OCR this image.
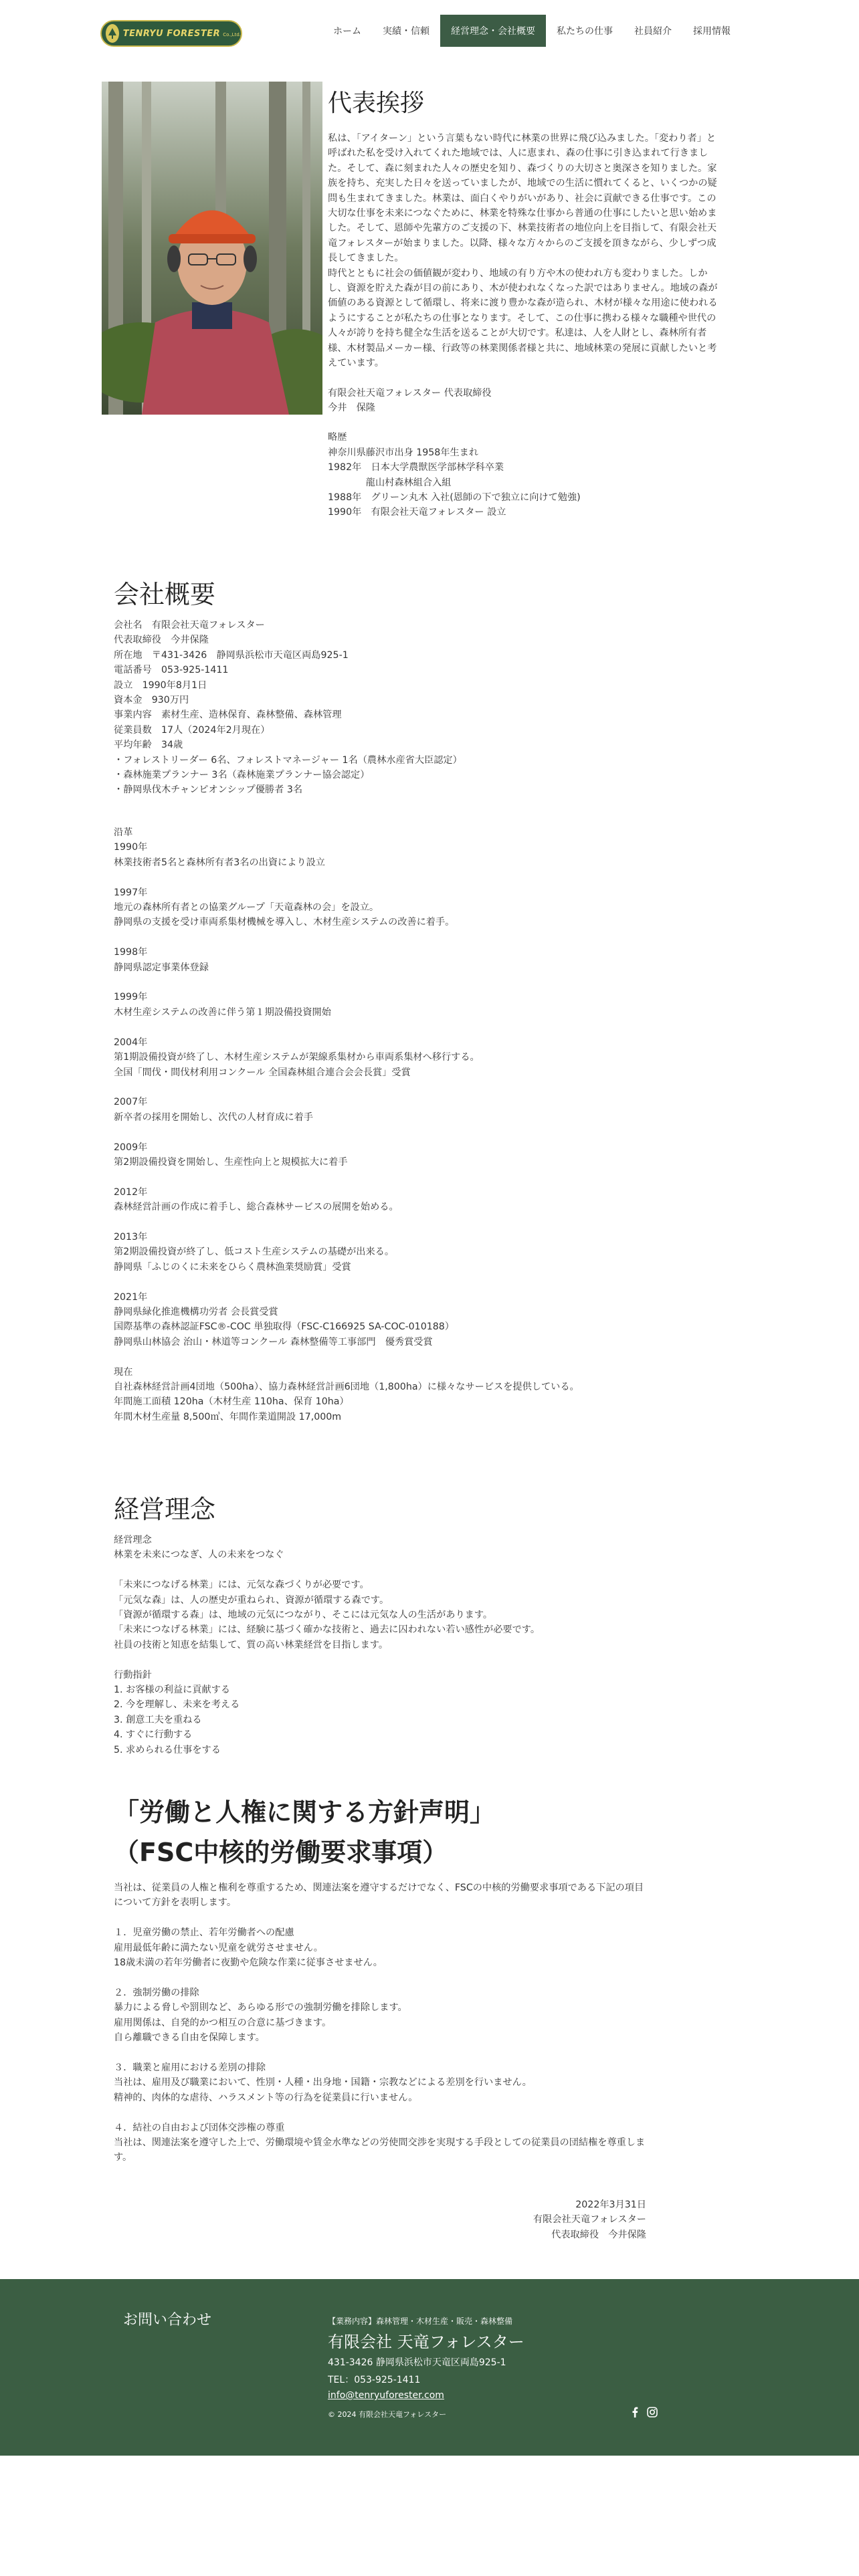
TENRYU FORESTER Co.,Ltd.	ホーム	実績・信頼	経営理念・会社概要	私たちの仕事	社員紹介	採用情報
代表挨拶

私は、「アイターン」という言葉もない時代に林業の世界に飛び込みました。「変わり者」と呼ばれた私を受け入れてくれた地域では、人に恵まれ、森の仕事に引き込まれて行きました。そして、森に刻まれた人々の歴史を知り、森づくりの大切さと奥深さを知りました。家族を持ち、充実した日々を送っていましたが、地域での生活に慣れてくると、いくつかの疑問も生まれてきました。林業は、面白くやりがいがあり、社会に貢献できる仕事です。この大切な仕事を未来につなぐために、林業を特殊な仕事から普通の仕事にしたいと思い始めました。そして、恩師や先輩方のご支援の下、林業技術者の地位向上を目指して、有限会社天竜フォレスターが始まりました。以降、様々な方々からのご支援を頂きながら、少しずつ成長してきました。

時代とともに社会の価値観が変わり、地域の有り方や木の使われ方も変わりました。しかし、資源を貯えた森が目の前にあり、木が使われなくなった訳ではありません。地域の森が価値のある資源として循環し、将来に渡り豊かな森が造られ、木材が様々な用途に使われるようにすることが私たちの仕事となります。そして、この仕事に携わる様々な職種や世代の人々が誇りを持ち健全な生活を送ることが大切です。私達は、人を人財とし、森林所有者様、木材製品メーカー様、行政等の林業関係者様と共に、地域林業の発展に貢献したいと考えています。

有限会社天竜フォレスター 代表取締役
今井　保隆

略歴

神奈川県藤沢市出身 1958年生まれ
1982年　日本大学農獣医学部林学科卒業
　　　　龍山村森林組合入組
1988年　グリーン丸木 入社(恩師の下で独立に向けて勉強)
1990年　有限会社天竜フォレスター 設立

会社概要
会社名　有限会社天竜フォレスター
代表取締役　今井保隆
所在地　〒431-3426　静岡県浜松市天竜区両島925-1
電話番号　053-925-1411
設立　1990年8月1日
資本金　930万円
事業内容　素材生産、造林保育、森林整備、森林管理
従業員数　17人（2024年2月現在）
平均年齢　34歳
・フォレストリーダー 6名、フォレストマネージャー 1名（農林水産省大臣認定）
・森林施業プランナー 3名（森林施業プランナー協会認定）
・静岡県伐木チャンピオンシップ優勝者 3名
沿革
1990年
林業技術者5名と森林所有者3名の出資により設立

1997年
地元の森林所有者との協業グループ「天竜森林の会」を設立。
静岡県の支援を受け車両系集材機械を導入し、木材生産システムの改善に着手。

1998年
静岡県認定事業体登録

1999年
木材生産システムの改善に伴う第１期設備投資開始

2004年
第1期設備投資が終了し、木材生産システムが架線系集材から車両系集材へ移行する。
全国「間伐・間伐材利用コンクール 全国森林組合連合会会長賞」受賞

2007年
新卒者の採用を開始し、次代の人材育成に着手

2009年
第2期設備投資を開始し、生産性向上と規模拡大に着手

2012年
森林経営計画の作成に着手し、総合森林サービスの展開を始める。

2013年
第2期設備投資が終了し、低コスト生産システムの基礎が出来る。
静岡県「ふじのくに未来をひらく農林漁業奨励賞」受賞

2021年
静岡県緑化推進機構功労者 会長賞受賞
国際基準の森林認証FSC®-COC 単独取得（FSC-C166925 SA-COC-010188）
静岡県山林協会 治山・林道等コンクール 森林整備等工事部門　優秀賞受賞

現在
自社森林経営計画4団地（500ha）、協力森林経営計画6団地（1,800ha）に様々なサービスを提供している。
年間施工面積 120ha（木材生産 110ha、保育 10ha）
年間木材生産量 8,500㎥、年間作業道開設 17,000m
経営理念
経営理念
林業を未来につなぎ、人の未来をつなぐ

「未来につなげる林業」には、元気な森づくりが必要です。
「元気な森」は、人の歴史が重ねられ、資源が循環する森です。
「資源が循環する森」は、地域の元気につながり、そこには元気な人の生活があります。
「未来につなげる林業」には、経験に基づく確かな技術と、過去に囚われない若い感性が必要です。
社員の技術と知恵を結集して、質の高い林業経営を目指します。

行動指針
1. お客様の利益に貢献する
2. 今を理解し、未来を考える
3. 創意工夫を重ねる
4. すぐに行動する
5. 求められる仕事をする
「労働と人権に関する方針声明」
（FSC中核的労働要求事項）
当社は、従業員の人権と権利を尊重するため、関連法案を遵守するだけでなく、FSCの中核的労働要求事項である下記の項目について方針を表明します。

１．児童労働の禁止、若年労働者への配慮
雇用最低年齢に満たない児童を就労させません。
18歳未満の若年労働者に夜勤や危険な作業に従事させません。

２．強制労働の排除
暴力による脅しや罰則など、あらゆる形での強制労働を排除します。
雇用関係は、自発的かつ相互の合意に基づきます。
自ら離職できる自由を保障します。

３．職業と雇用における差別の排除
当社は、雇用及び職業において、性別・人種・出身地・国籍・宗教などによる差別を行いません。
精神的、肉体的な虐待、ハラスメント等の行為を従業員に行いません。

４．結社の自由および団体交渉権の尊重
当社は、関連法案を遵守した上で、労働環境や賃金水準などの労使間交渉を実現する手段としての従業員の団結権を尊重します。
2022年3月31日
有限会社天竜フォレスター
代表取締役　今井保隆
お問い合わせ	【業務内容】森林管理・木材生産・販売・森林整備
有限会社 天竜フォレスター
431-3426 静岡県浜松市天竜区両島925-1
TEL：053-925-1411
info@tenryuforester.com
© 2024 有限会社天竜フォレスター
